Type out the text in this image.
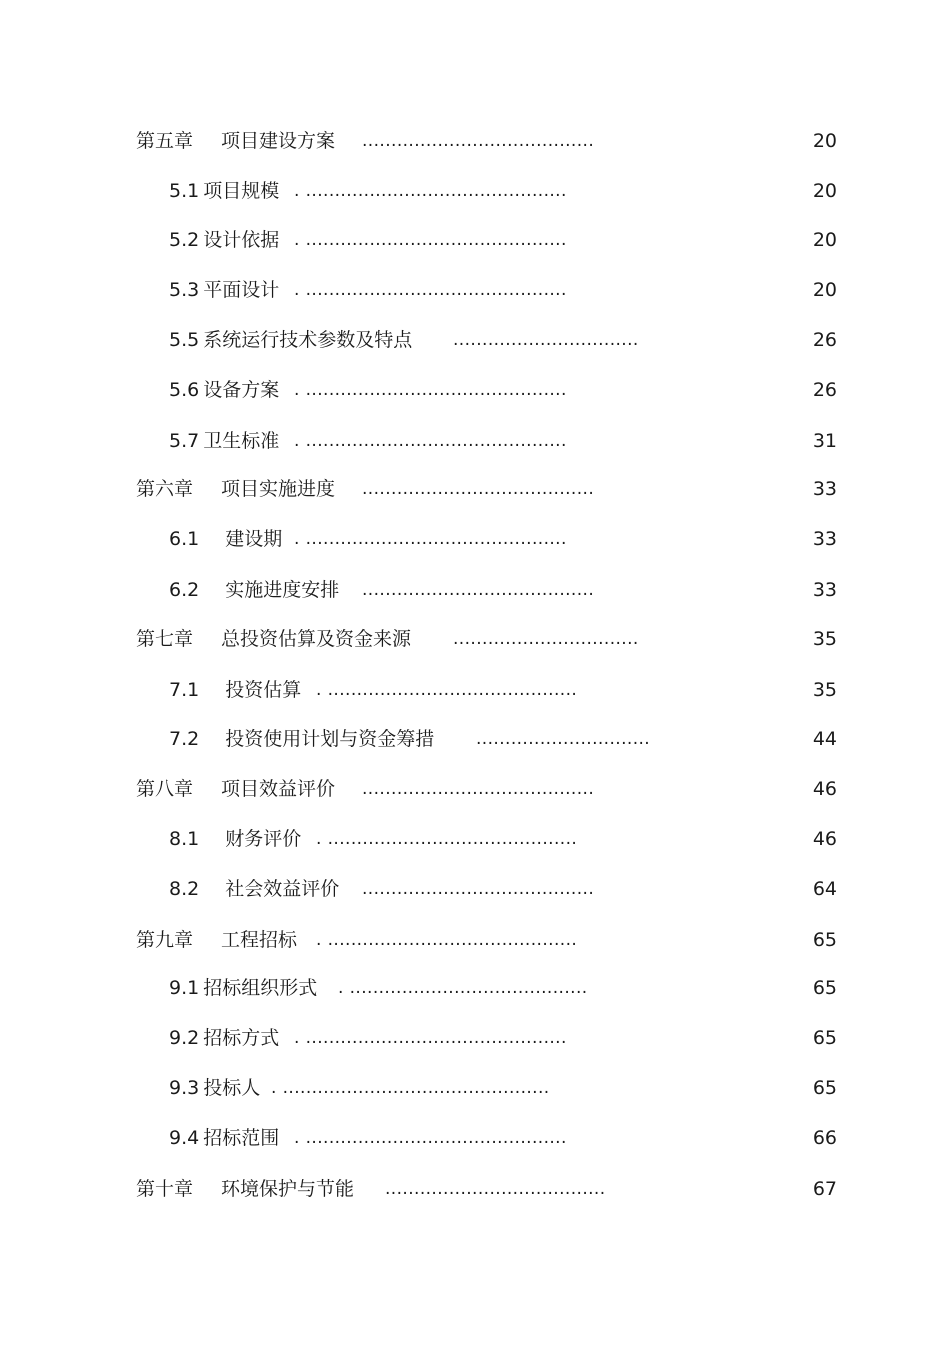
第五章 项目建设方案 ........................................	20
5.1 项目规模 . .............................................	20
5.2 设计依据 . .............................................	20
5.3 平面设计 . .............................................	20
5.5 系统运行技术参数及特点 ................................	26
5.6 设备方案 . .............................................	26
5.7 卫生标准 . .............................................	31
第六章 项目实施进度 ........................................	33
6.1 建设期 . .............................................	33
6.2 实施进度安排 ........................................	33
第七章 总投资估算及资金来源 ................................	35
7.1 投资估算 . ...........................................	35
7.2 投资使用计划与资金筹措 ..............................	44
第八章 项目效益评价 ........................................	46
8.1 财务评价 . ...........................................	46
8.2 社会效益评价 ........................................	64
第九章 工程招标 . ...........................................	65
9.1 招标组织形式 . .........................................	65
9.2 招标方式 . .............................................	65
9.3 投标人 . ..............................................	65
9.4 招标范围 . .............................................	66
第十章 环境保护与节能 ......................................	67
